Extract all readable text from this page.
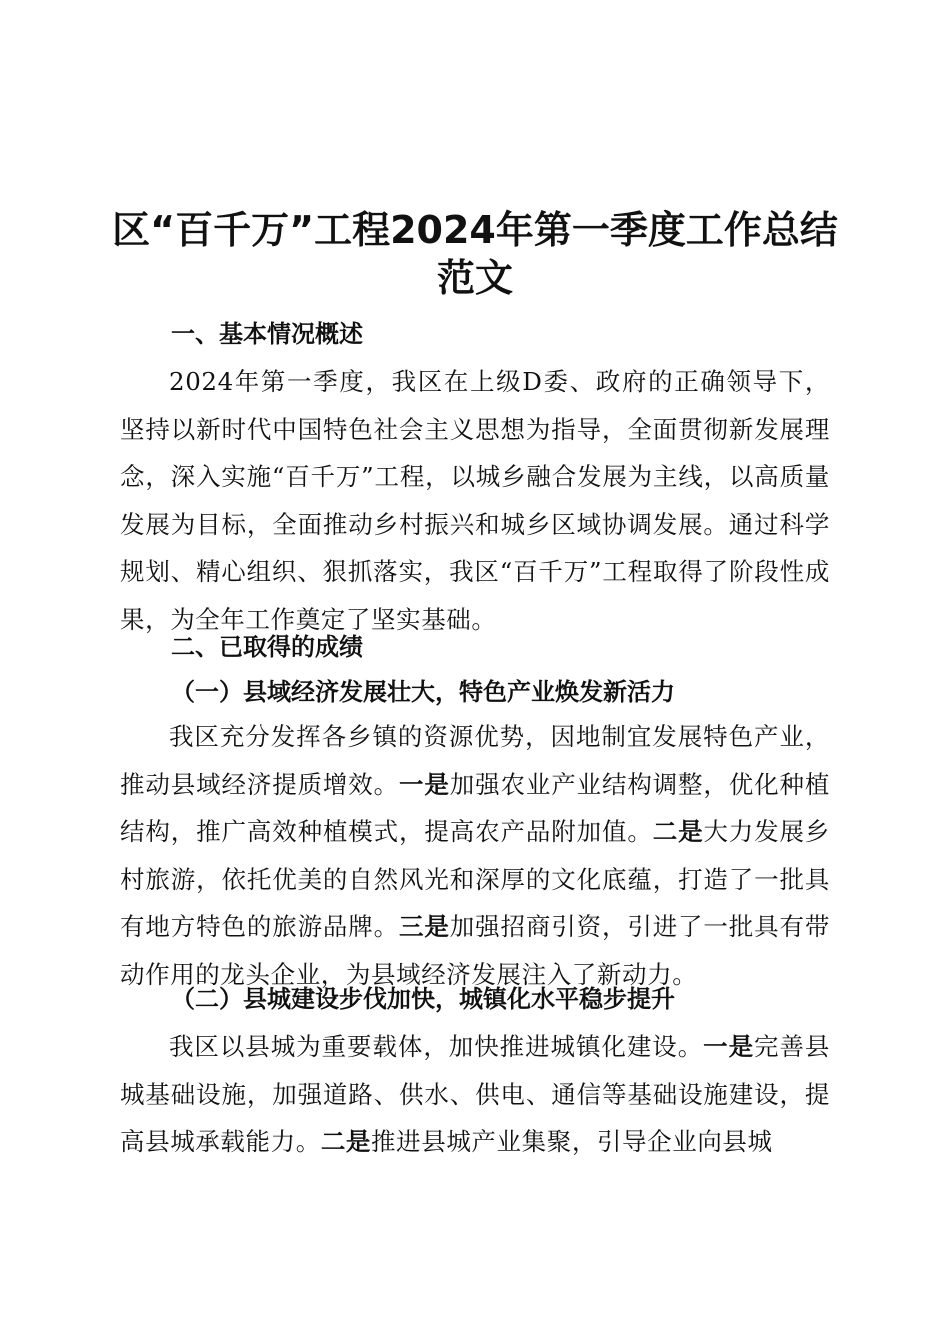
区“百千万”工程2024年第一季度工作总结
范文
一、基本情况概述

2024年第一季度，我区在上级D委、政府的正确领导下，坚持以新时代中国特色社会主义思想为指导，全面贯彻新发展理念，深入实施“百千万”工程，以城乡融合发展为主线，以高质量发展为目标，全面推动乡村振兴和城乡区域协调发展。通过科学规划、精心组织、狠抓落实，我区“百千万”工程取得了阶段性成果，为全年工作奠定了坚实基础。

二、已取得的成绩
（一）县域经济发展壮大，特色产业焕发新活力

我区充分发挥各乡镇的资源优势，因地制宜发展特色产业，推动县域经济提质增效。一是加强农业产业结构调整，优化种植结构，推广高效种植模式，提高农产品附加值。二是大力发展乡村旅游，依托优美的自然风光和深厚的文化底蕴，打造了一批具有地方特色的旅游品牌。三是加强招商引资，引进了一批具有带动作用的龙头企业，为县域经济发展注入了新动力。

（二）县城建设步伐加快，城镇化水平稳步提升

我区以县城为重要载体，加快推进城镇化建设。一是完善县城基础设施，加强道路、供水、供电、通信等基础设施建设，提高县城承载能力。二是推进县城产业集聚，引导企业向县城
